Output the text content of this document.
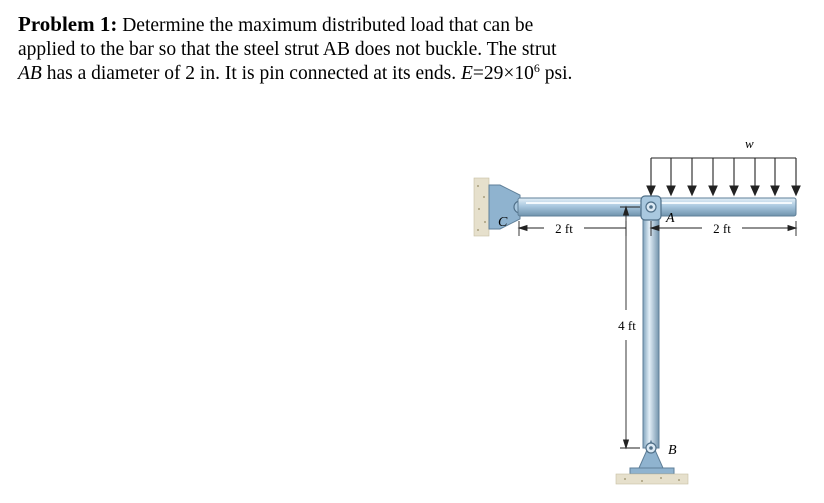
Problem 1: Determine the maximum distributed load that can be applied to the bar so that the steel strut AB does not buckle. The strut AB has a diameter of 2 in. It is pin connected at its ends. $E=29\times 10^6$ psi.
w
2 ft	2 ft
4 ft
A
B
C
